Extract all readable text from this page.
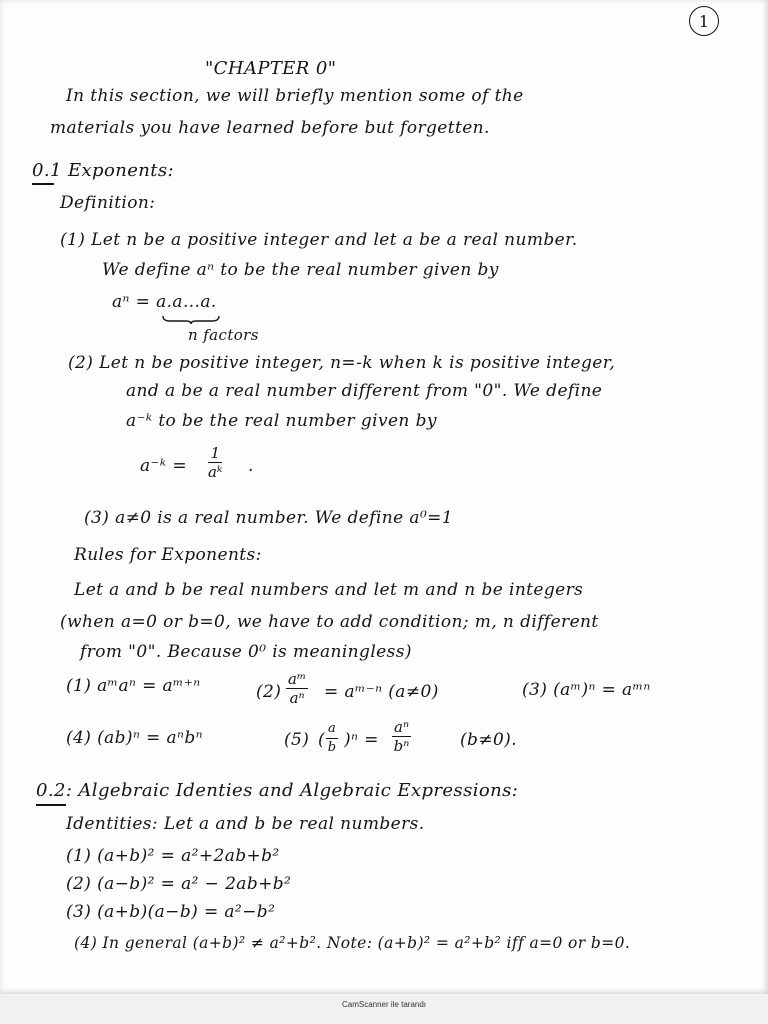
1
"CHAPTER 0"
In this section, we will briefly mention some of the
materials you have learned before but forgetten.
0.1 Exponents:
Definition:
(1) Let n be a positive integer and let a be a real number.
We define aⁿ to be the real number given by
aⁿ = a.a...a.
n factors
(2) Let n be positive integer, n=-k when k is positive integer,
and a be a real number different from "0". We define
a⁻ᵏ to be the real number given by
a⁻ᵏ = $\frac{1}{\text{aᵏ}}$ .
(3) a≠0 is a real number. We define a⁰=1
Rules for Exponents:
Let a and b be real numbers and let m and n be integers
(when a=0 or b=0, we have to add condition; m, n different
from "0". Because 0⁰ is meaningless)
(1) aᵐaⁿ = aᵐ⁺ⁿ	$(2) \frac{\text{aᵐ}}{\text{aⁿ}}$ = aᵐ⁻ⁿ (a≠0)	(3) (aᵐ)ⁿ = aᵐⁿ
(4) (ab)ⁿ = aⁿbⁿ	(5) ( $\frac{a}{b} )^n = \frac{\text{aⁿ}}{\text{bⁿ}}$	(b≠0).
0.2: Algebraic Identies and Algebraic Expressions:
Identities: Let a and b be real numbers.
(1) (a+b)² = a²+2ab+b²
(2) (a−b)² = a² − 2ab+b²
(3) (a+b)(a−b) = a²−b²
(4) In general (a+b)² ≠ a²+b². Note: (a+b)² = a²+b² iff a=0 or b=0.
CamScanner ile tarandı
